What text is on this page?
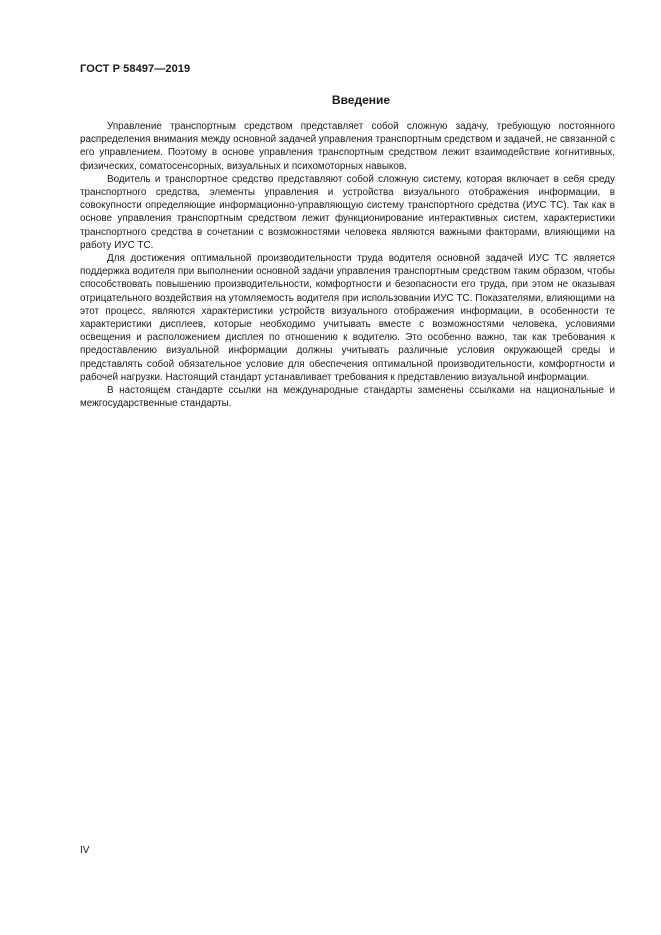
ГОСТ Р 58497—2019
Введение

Управление транспортным средством представляет собой сложную задачу, требующую постоянного распределения внимания между основной задачей управления транспортным средством и задачей, не связанной с его управлением. Поэтому в основе управления транспортным средством лежит взаимодействие когнитивных, физических, соматосенсорных, визуальных и психомоторных навыков.

Водитель и транспортное средство представляют собой сложную систему, которая включает в себя среду транспортного средства, элементы управления и устройства визуального отображения информации, в совокупности определяющие информационно-управляющую систему транспортного средства (ИУС ТС). Так как в основе управления транспортным средством лежит функционирование интерактивных систем, характеристики транспортного средства в сочетании с возможностями человека являются важными факторами, влияющими на работу ИУС ТС.

Для достижения оптимальной производительности труда водителя основной задачей ИУС ТС является поддержка водителя при выполнении основной задачи управления транспортным средством таким образом, чтобы способствовать повышению производительности, комфортности и безопасности его труда, при этом не оказывая отрицательного воздействия на утомляемость водителя при использовании ИУС ТС. Показателями, влияющими на этот процесс, являются характеристики устройств визуального отображения информации, в особенности те характеристики дисплеев, которые необходимо учитывать вместе с возможностями человека, условиями освещения и расположением дисплея по отношению к водителю. Это особенно важно, так как требования к предоставлению визуальной информации должны учитывать различные условия окружающей среды и представлять собой обязательное условие для обеспечения оптимальной производительности, комфортности и рабочей нагрузки. Настоящий стандарт устанавливает требования к представлению визуальной информации.

В настоящем стандарте ссылки на международные стандарты заменены ссылками на национальные и межгосударственные стандарты.

IV
